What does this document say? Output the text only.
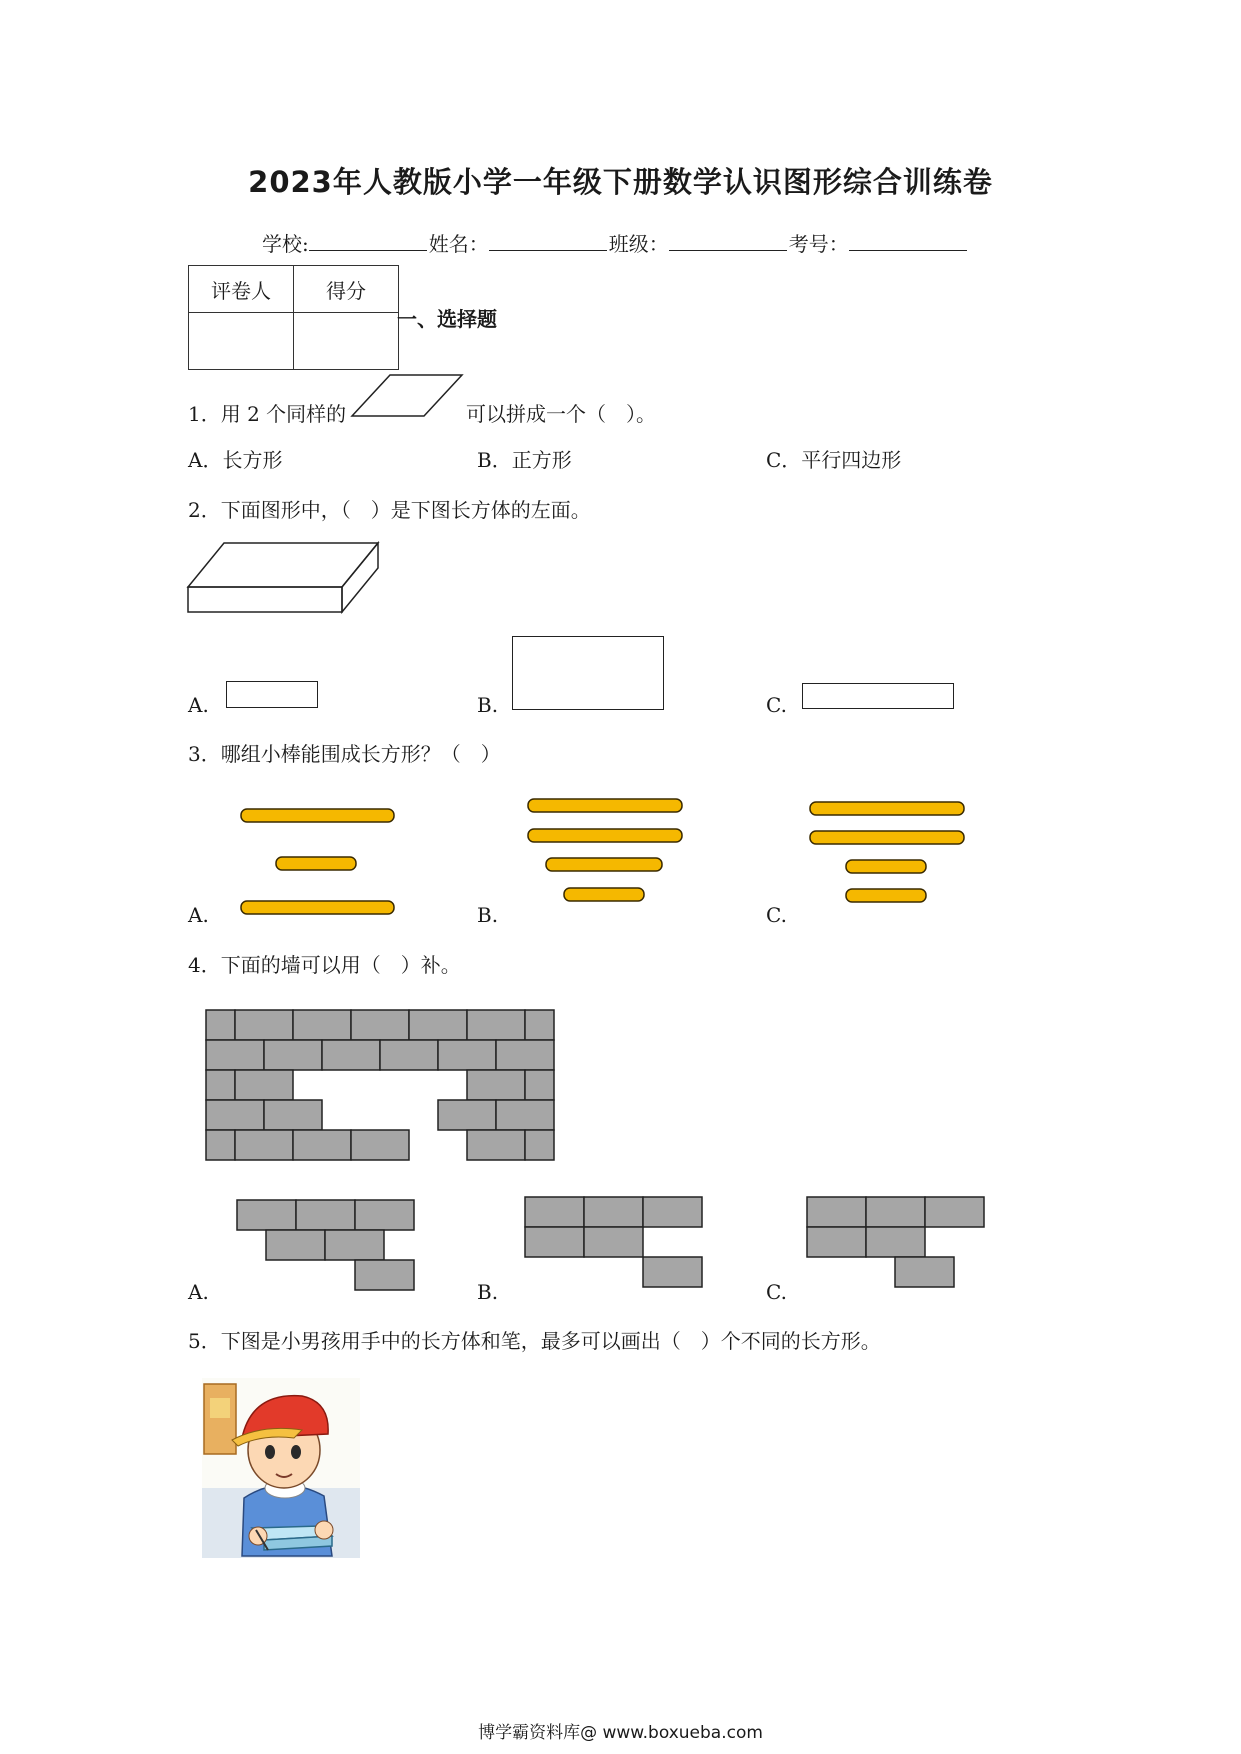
2023年人教版小学一年级下册数学认识图形综合训练卷
学校:	姓名：	班级：	考号：
评卷人	得分

一、选择题
1．用 2 个同样的	可以拼成一个（　）。
A．长方形	B．正方形	C．平行四边形
2．下面图形中，（　）是下图长方体的左面。
A.	B.	C.
3．哪组小棒能围成长方形？（　）
A.	B.	C.
4．下面的墙可以用（　）补。
A.	B.	C.
5．下图是小男孩用手中的长方体和笔，最多可以画出（　）个不同的长方形。
博学霸资料库@ www.boxueba.com
